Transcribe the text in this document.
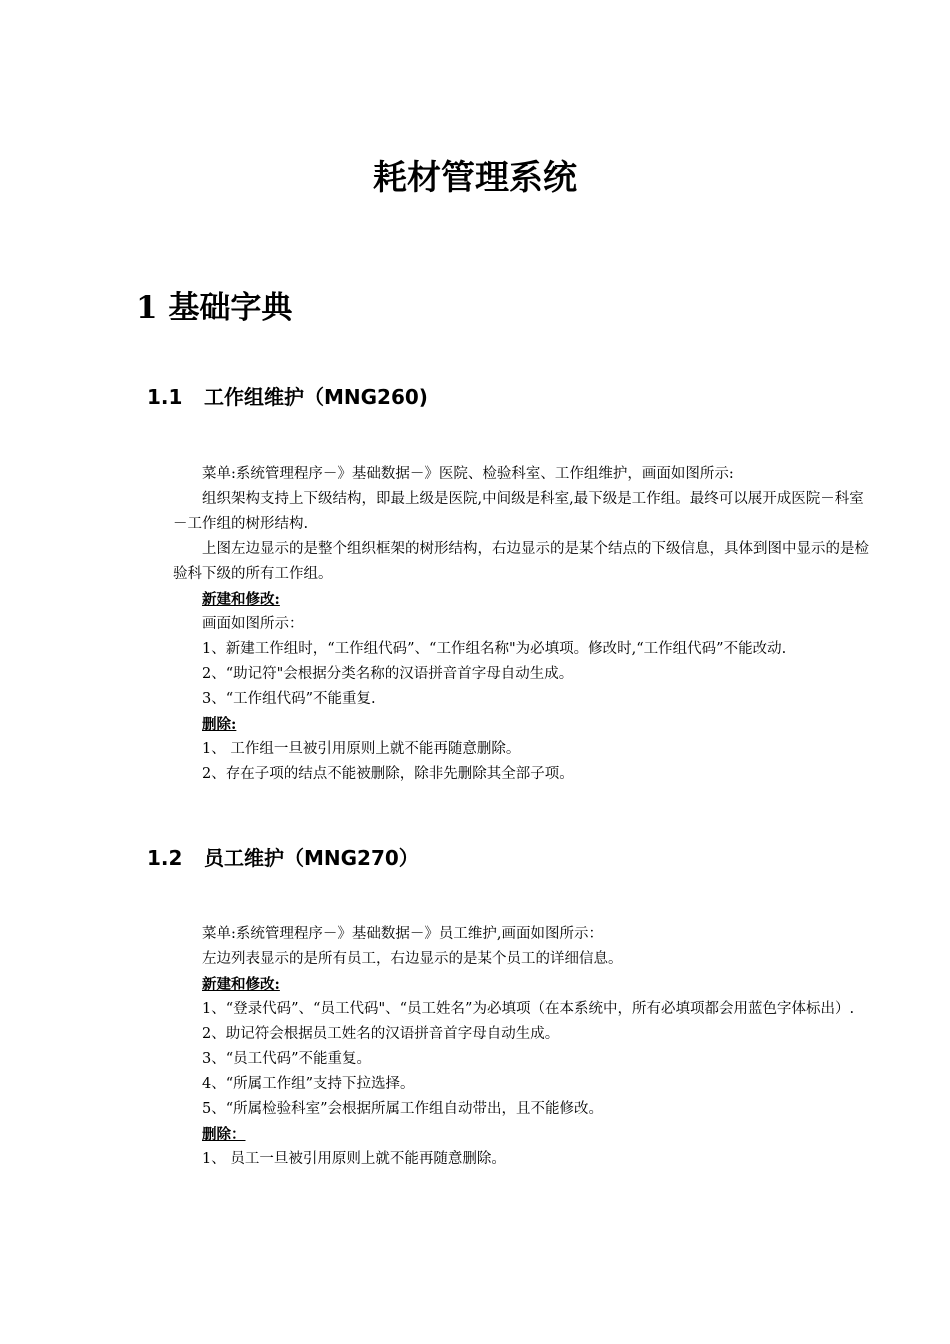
耗材管理系统
1 基础字典
1.1 工作组维护（MNG260)

菜单:系统管理程序－》基础数据－》医院、检验科室、工作组维护，画面如图所示:

组织架构支持上下级结构，即最上级是医院,中间级是科室,最下级是工作组。最终可以展开成医院－科室－工作组的树形结构.

上图左边显示的是整个组织框架的树形结构，右边显示的是某个结点的下级信息，具体到图中显示的是检验科下级的所有工作组。

新建和修改:

画面如图所示：

1、新建工作组时，“工作组代码”、“工作组名称"为必填项。修改时,“工作组代码”不能改动.

2、“助记符"会根据分类名称的汉语拼音首字母自动生成。

3、“工作组代码”不能重复.

删除:

1、 工作组一旦被引用原则上就不能再随意删除。

2、存在子项的结点不能被删除，除非先删除其全部子项。

1.2 员工维护（MNG270）

菜单:系统管理程序－》基础数据－》员工维护,画面如图所示：

左边列表显示的是所有员工，右边显示的是某个员工的详细信息。

新建和修改:

1、“登录代码”、“员工代码"、“员工姓名”为必填项（在本系统中，所有必填项都会用蓝色字体标出）.

2、助记符会根据员工姓名的汉语拼音首字母自动生成。

3、“员工代码”不能重复。

4、“所属工作组”支持下拉选择。

5、“所属检验科室”会根据所属工作组自动带出，且不能修改。

删除：

1、 员工一旦被引用原则上就不能再随意删除。
